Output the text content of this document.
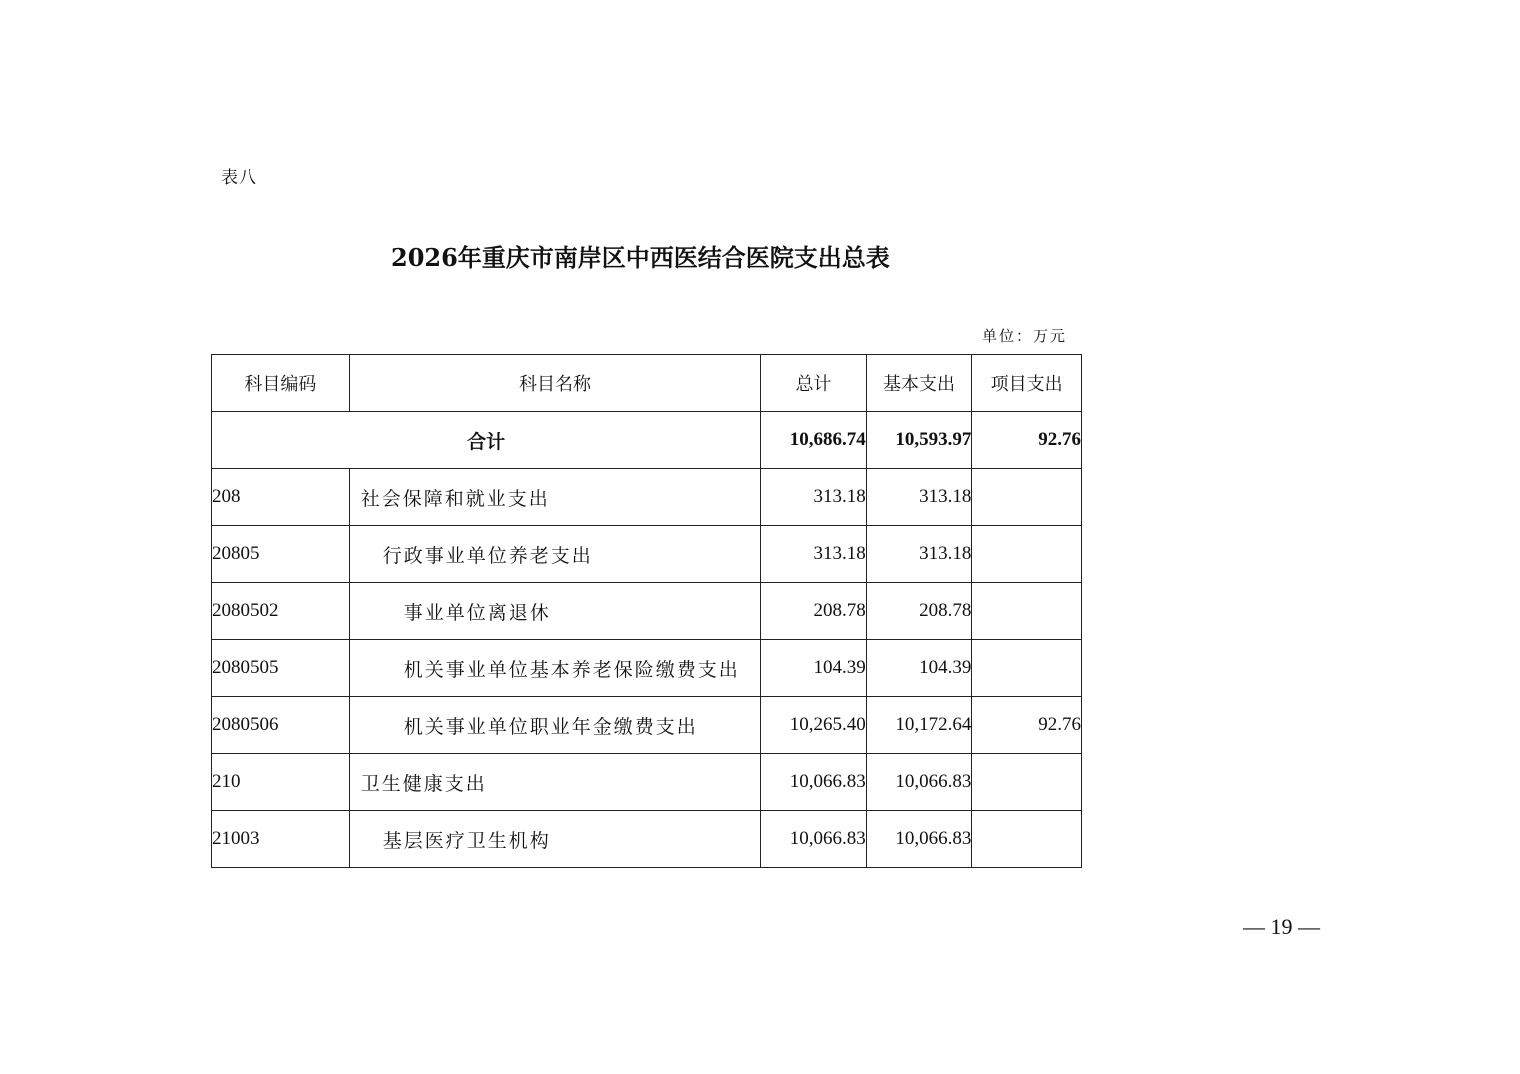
表八
2026年重庆市南岸区中西医结合医院支出总表
单位：万元
科目编码	科目名称	总计	基本支出	项目支出
合计		10,686.74	10,593.97	92.76
208	社会保障和就业支出	313.18	313.18	
20805	行政事业单位养老支出	313.18	313.18	
2080502	事业单位离退休	208.78	208.78	
2080505	机关事业单位基本养老保险缴费支出	104.39	104.39	
2080506	机关事业单位职业年金缴费支出	10,265.40	10,172.64	92.76
210	卫生健康支出	10,066.83	10,066.83	
21003	基层医疗卫生机构	10,066.83	10,066.83	
— 19 —
